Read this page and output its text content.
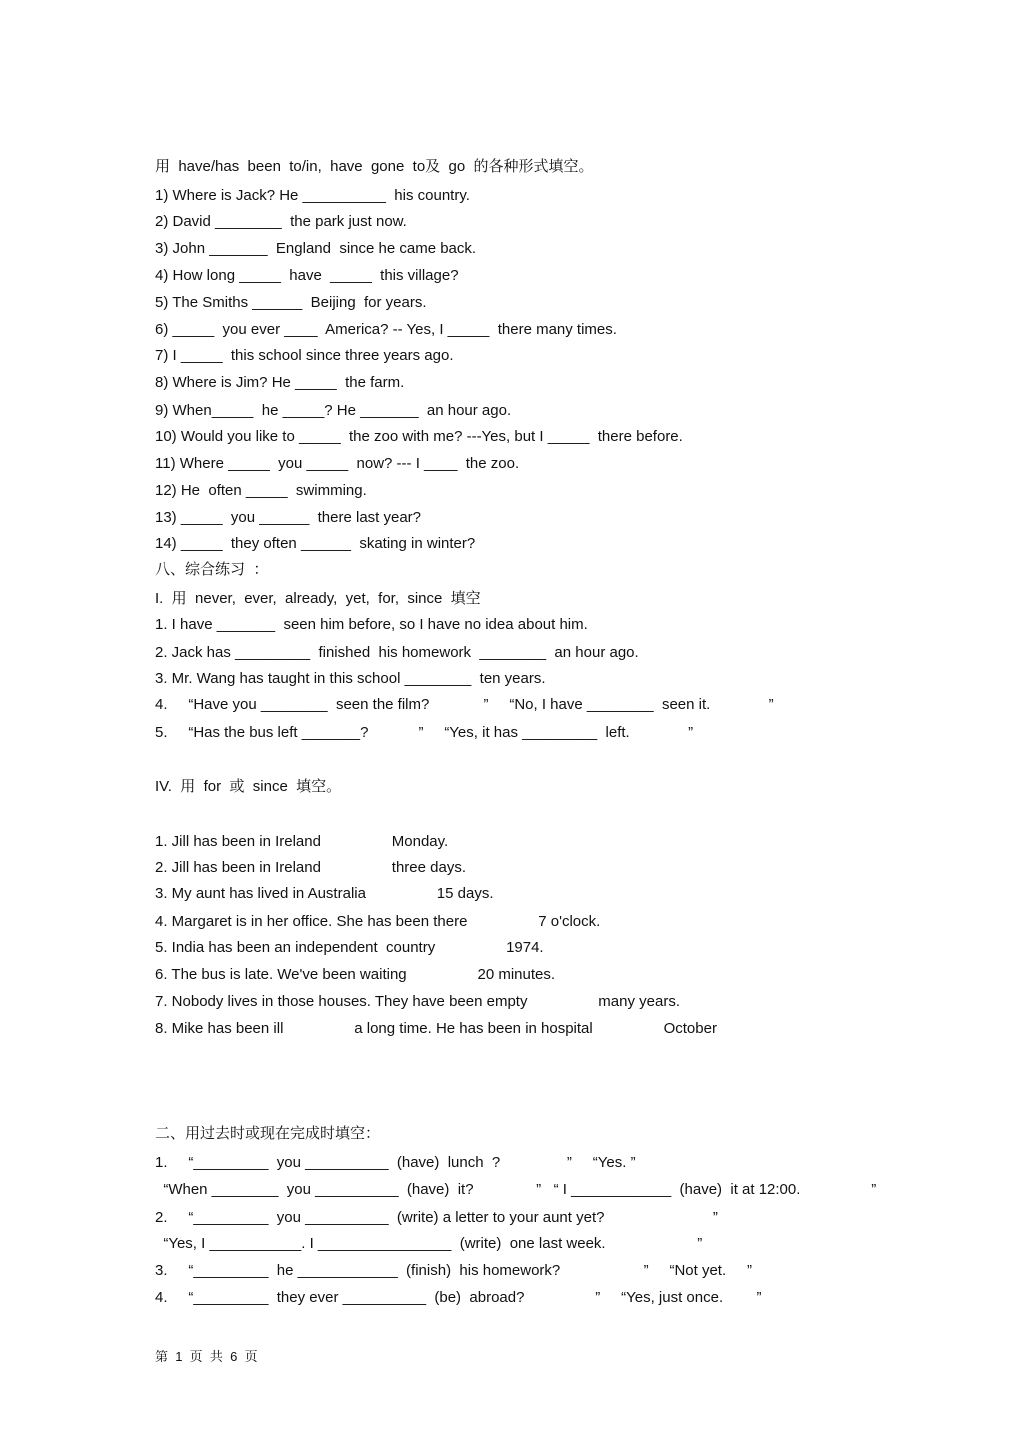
用  have/has  been  to/in,  have  gone  to及  go  的各种形式填空。
1) Where is Jack? He __________  his country.
2) David ________  the park just now.
3) John _______  England  since he came back.
4) How long _____  have  _____  this village?
5) The Smiths ______  Beijing  for years.
6) _____  you ever ____  America? -- Yes, I _____  there many times.
7) I _____  this school since three years ago.
8) Where is Jim? He _____  the farm.
9) When_____  he _____? He _______  an hour ago.
10) Would you like to _____  the zoo with me? ---Yes, but I _____  there before.
11) Where _____  you _____  now? --- I ____  the zoo.
12) He  often _____  swimming.
13) _____  you ______  there last year?
14) _____  they often ______  skating in winter?
八、综合练习  ：
I.  用  never,  ever,  already,  yet,  for,  since  填空
1. I have _______  seen him before, so I have no idea about him.
2. Jack has _________  finished  his homework  ________  an hour ago.
3. Mr. Wang has taught in this school ________  ten years.
4.     “Have you ________  seen the film?             ”     “No, I have ________  seen it.              ”
5.     “Has the bus left _______?            ”     “Yes, it has _________  left.              ”
IV.  用  for  或  since  填空。
1. Jill has been in Ireland                 Monday.
2. Jill has been in Ireland                 three days.
3. My aunt has lived in Australia                 15 days.
4. Margaret is in her office. She has been there                 7 o'clock.
5. India has been an independent  country                 1974.
6. The bus is late. We've been waiting                 20 minutes.
7. Nobody lives in those houses. They have been empty                 many years.
8. Mike has been ill                 a long time. He has been in hospital                 October
二、用过去时或现在完成时填空：
1.     “_________  you __________  (have)  lunch  ?                ”     “Yes. ”
“When ________  you __________  (have)  it?               ”   “ I ____________  (have)  it at 12:00.                 ”
2.     “_________  you __________  (write) a letter to your aunt yet?                          ”
“Yes, I ___________. I ________________  (write)  one last week.                      ”
3.     “_________  he ____________  (finish)  his homework?                    ”     “Not yet.     ”
4.     “_________  they ever __________  (be)  abroad?                 ”     “Yes, just once.        ”
第  1  页  共  6  页
